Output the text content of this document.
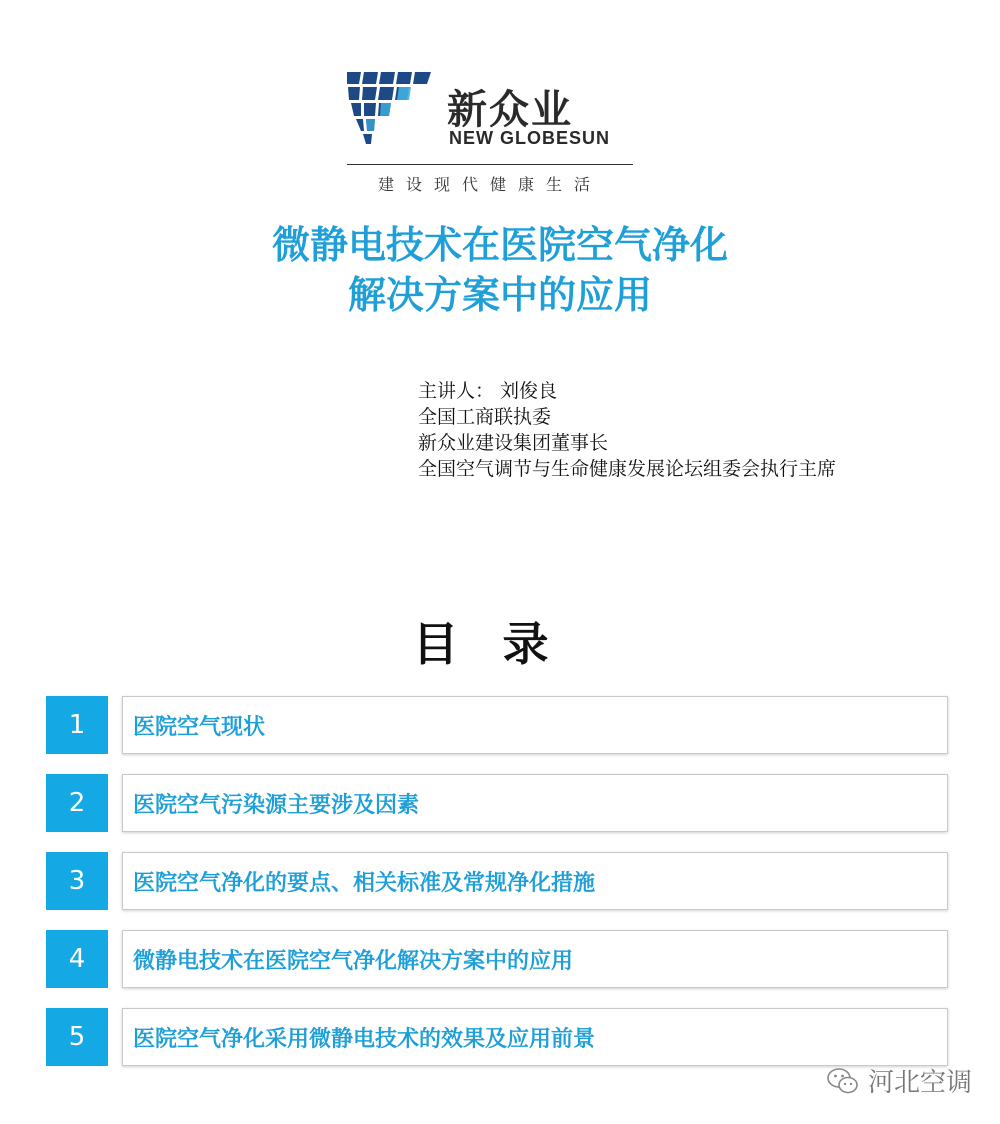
新众业
NEW GLOBESUN
建设现代健康生活
微静电技术在医院空气净化
解决方案中的应用
主讲人： 刘俊良
全国工商联执委
新众业建设集团董事长
全国空气调节与生命健康发展论坛组委会执行主席
目 录
1	医院空气现状
2	医院空气污染源主要涉及因素
3	医院空气净化的要点、相关标准及常规净化措施
4	微静电技术在医院空气净化解决方案中的应用
5	医院空气净化采用微静电技术的效果及应用前景
河北空调
